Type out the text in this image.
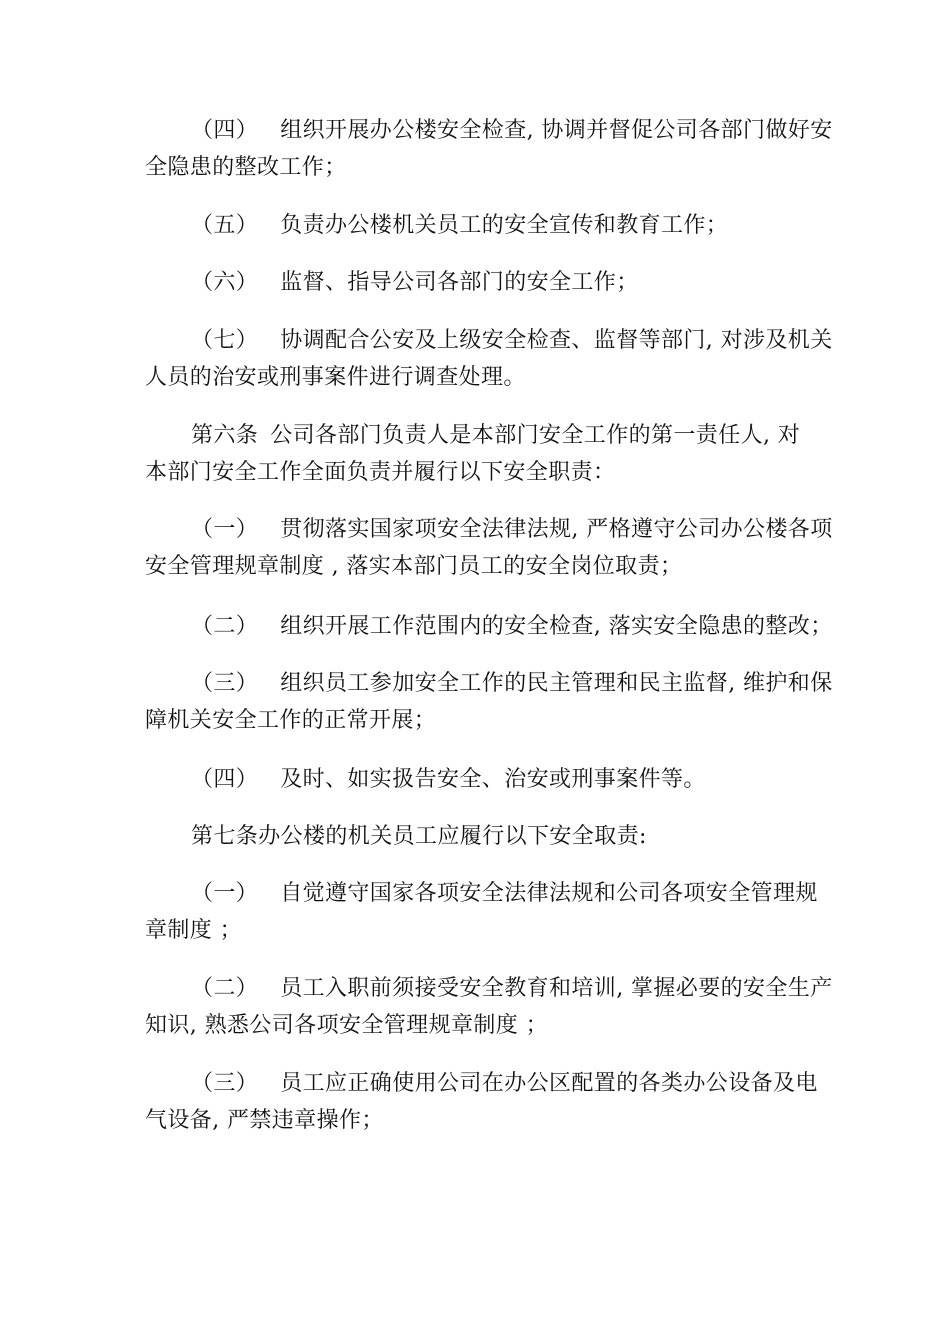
（四） 组织开展办公楼安全检查, 协调并督促公司各部门做好安
全隐患的整改工作；
（五） 负责办公楼机关员工的安全宣传和教育工作；
（六） 监督、指导公司各部门的安全工作；
（七） 协调配合公安及上级安全检查、监督等部门, 对涉及机关
人员的治安或刑事案件进行调查处理。
第六条 公司各部门负责人是本部门安全工作的第一责任人, 对
本部门安全工作全面负责并履行以下安全职责：
（一） 贯彻落实国家项安全法律法规, 严格遵守公司办公楼各项
安全管理规章制度 , 落实本部门员工的安全岗位取责；
（二） 组织开展工作范围内的安全检查, 落实安全隐患的整改；
（三） 组织员工参加安全工作的民主管理和民主监督, 维护和保
障机关安全工作的正常开展；
（四） 及时、如实扱告安全、治安或刑事案件等。
第七条办公楼的机关员工应履行以下安全取责:
（一） 自觉遵守国家各项安全法律法规和公司各项安全管理规
章制度 ；
（二） 员工入职前须接受安全教育和培训, 掌握必要的安全生产
知识, 熟悉公司各项安全管理规章制度 ；
（三） 员工应正确使用公司在办公区配置的各类办公设备及电
气设备, 严禁违章操作；
